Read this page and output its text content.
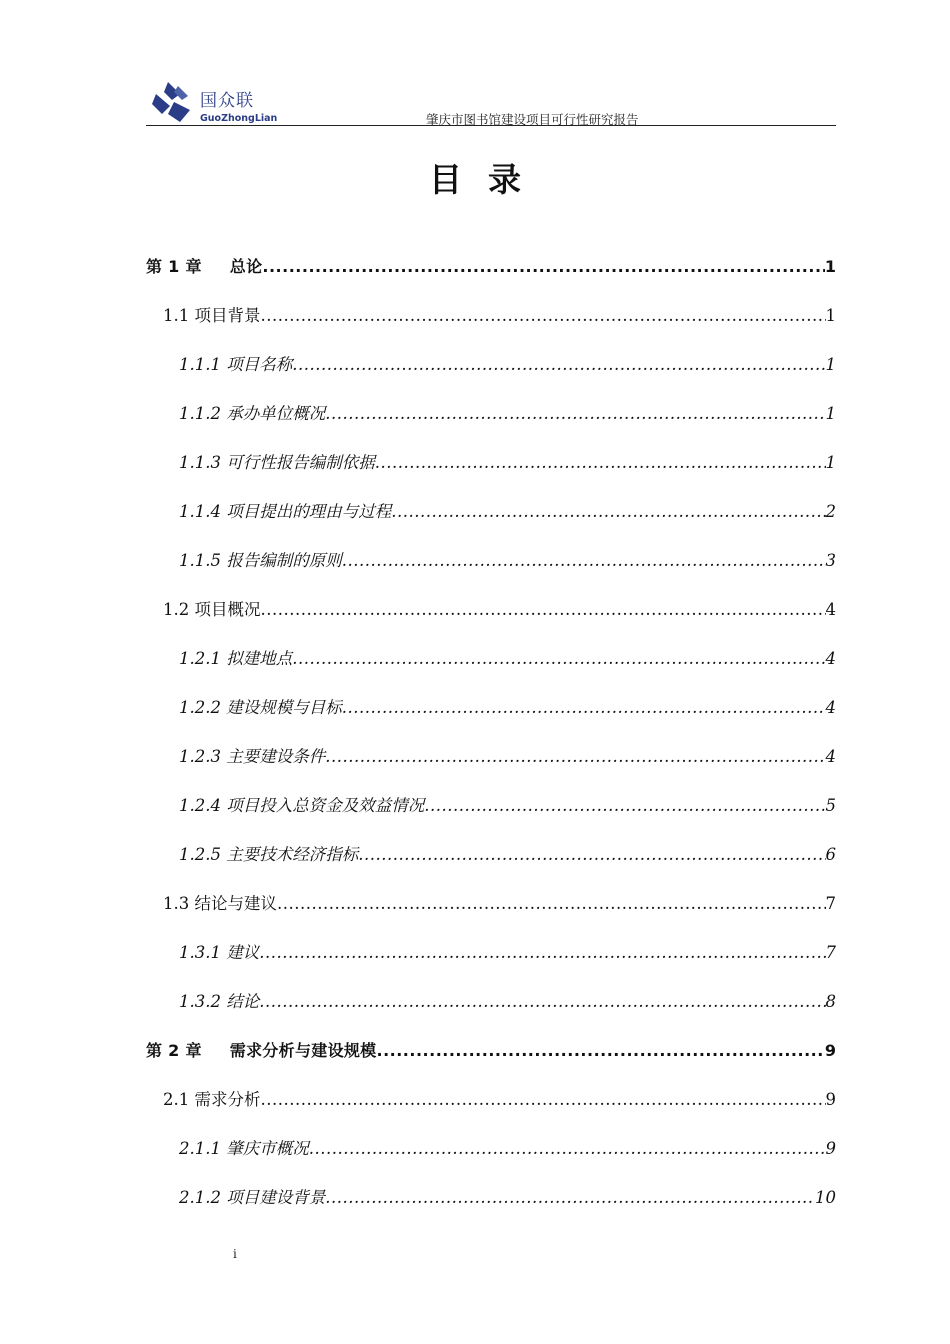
国众联
GuoZhongLian	肇庆市图书馆建设项目可行性研究报告
目录
第 1 章 总论 .....	1
1.1 项目背景 .....	1
1.1.1 项目名称 .....	1
1.1.2 承办单位概况 .....	1
1.1.3 可行性报告编制依据 .....	1
1.1.4 项目提出的理由与过程 .....	2
1.1.5 报告编制的原则 .....	3
1.2 项目概况 .....	4
1.2.1 拟建地点 .....	4
1.2.2 建设规模与目标 .....	4
1.2.3 主要建设条件 .....	4
1.2.4 项目投入总资金及效益情况 .....	5
1.2.5 主要技术经济指标 .....	6
1.3 结论与建议 .....	7
1.3.1 建议 .....	7
1.3.2 结论 .....	8
第 2 章 需求分析与建设规模 .....	9
2.1 需求分析 .....	9
2.1.1 肇庆市概况 .....	9
2.1.2 项目建设背景 .....	10
i
